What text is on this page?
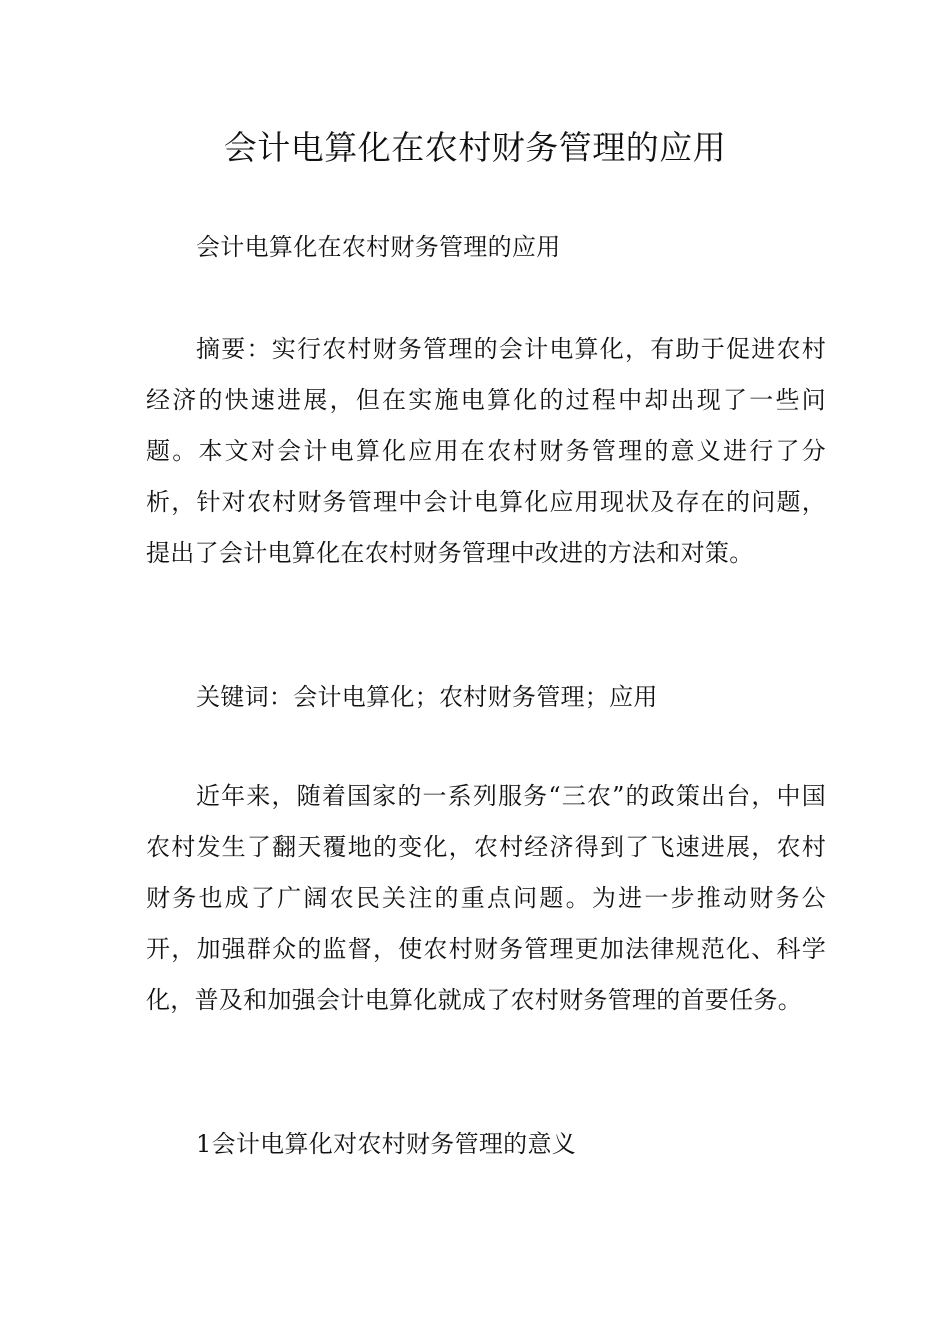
会计电算化在农村财务管理的应用

会计电算化在农村财务管理的应用

摘要：实行农村财务管理的会计电算化，有助于促进农村经济的快速进展，但在实施电算化的过程中却出现了一些问题。本文对会计电算化应用在农村财务管理的意义进行了分析，针对农村财务管理中会计电算化应用现状及存在的问题，提出了会计电算化在农村财务管理中改进的方法和对策。

关键词：会计电算化；农村财务管理；应用

近年来，随着国家的一系列服务“三农”的政策出台，中国农村发生了翻天覆地的变化，农村经济得到了飞速进展，农村财务也成了广阔农民关注的重点问题。为进一步推动财务公开，加强群众的监督，使农村财务管理更加法律规范化、科学化，普及和加强会计电算化就成了农村财务管理的首要任务。

1会计电算化对农村财务管理的意义
